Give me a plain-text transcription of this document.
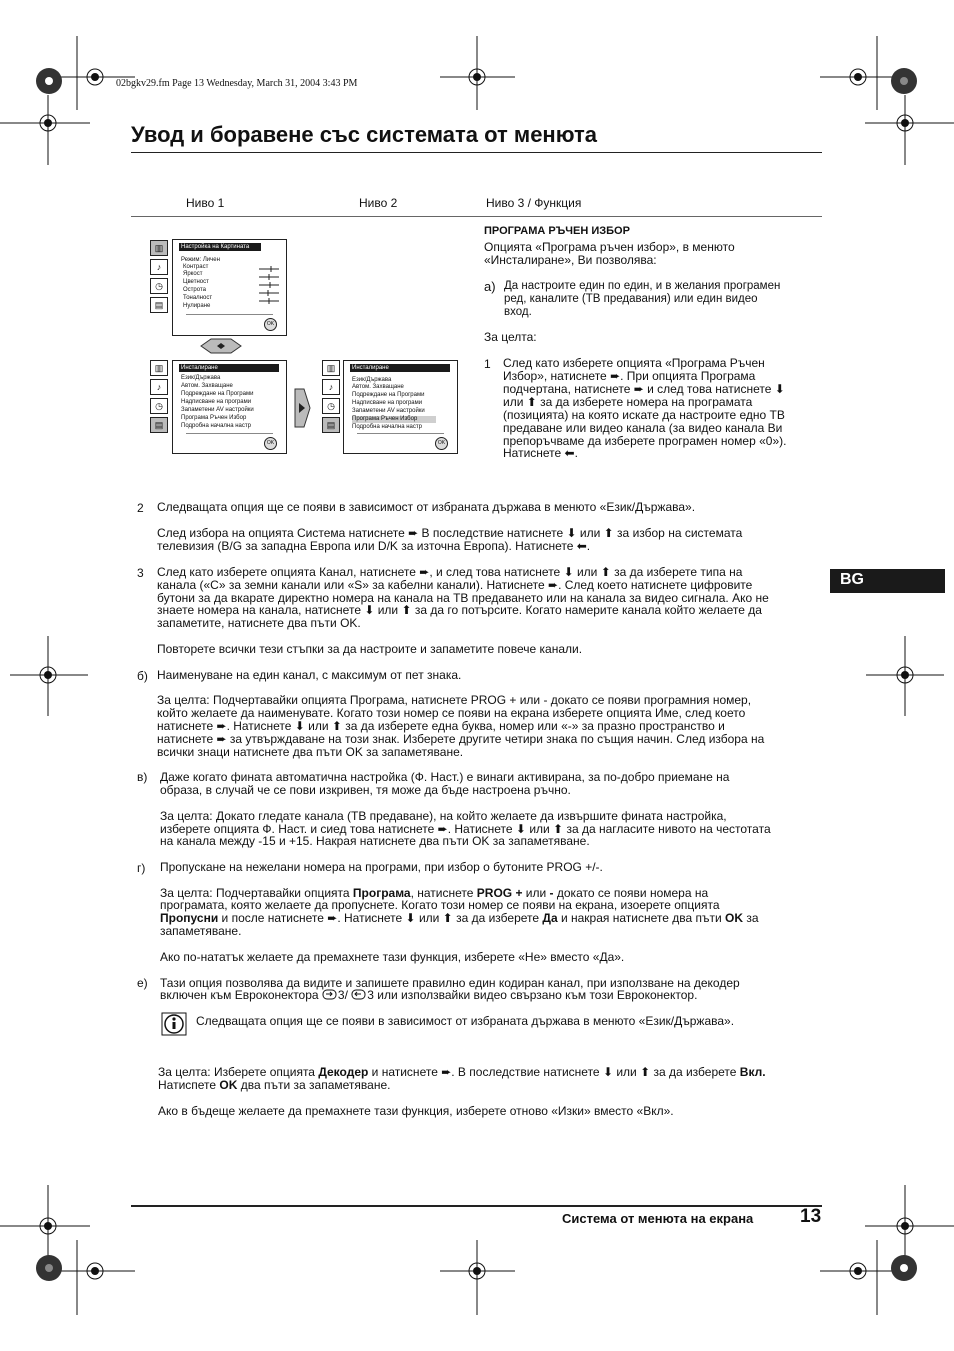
02bgkv29.fm Page 13 Wednesday, March 31, 2004 3:43 PM
Увод и боравене със системата от менюта
Ниво 1	Ниво 2	Ниво 3 / Функция
▥
♪
◷
▤
Настройка на Картината
Режим: Личен
Контраст
Яркост
Цветност
Острота
Тоналност
Нулиране
OK
▥
♪
◷
▤
Инсталиране
Език/Държава
Автом. Захващане
Подреждане на Програми
Надписване на програми
Запаметени AV настройки
Програма Ръчен Избор
Подробна начална настр
OK
▥
♪
◷
▤
Инсталиране
Език/Държава
Автом. Захващане
Подреждане на Програми
Надписване на програми
Запаметени AV настройки
Програма Ръчен Избор
Подробна начална настр
OK
ПРОГРАМА РЪЧЕН ИЗБОР
Опцията «Програма ръчен избор», в менюто
«Инсталиране», Ви позволява:
а) Да настроите един по един, и в желания програмен
ред, каналите (ТВ предавания) или един видео
вход.
За целта:
1 След като изберете опцията «Програма Ръчен
Избор», натиснете ➨. При опцията Програма
подчертана, натиснете ➨ и след това натиснете ⬇
или ⬆ за да изберете номера на програмата
(позицията) на която искате да настроите едно ТВ
предаване или видео канала (за видео канала Ви
препоръчваме да изберете програмен номер «0»).
Натиснете ⬅.
2 Следващата опция ще се появи в зависимост от избраната държава в менюто «Език/Държава».
След избора на опцията Система натиснете ➨ В последствие натиснете ⬇ или ⬆ за избор на системата
телевизия (B/G за западна Европа или D/K за източна Европа). Натиснете ⬅.
3 След като изберете опцията Канал, натиснете ➨, и след това натиснете ⬇ или ⬆ за да изберете типа на
канала («С» за земни канали или «S» за кабелни канали). Натиснете ➨. След което натиснете цифровите
бутони за да вкарате директно номера на канала на ТВ предаването или на канала за видео сигнала. Ако не
знаете номера на канала, натиснете ⬇ или ⬆ за да го потърсите. Когато намерите канала който желаете да
запаметите, натиснете два пъти OK.
Повторете всички тези стъпки за да настроите и запаметите повече канали.
б) Наименуване на един канал, с максимум от пет знака.
За целта: Подчертавайки опцията Програма, натиснете PROG + или - докато се появи програмния номер,
който желаете да наименувате. Когато този номер се появи на екрана изберете опцията Име, след което
натиснете ➨. Натиснете ⬇ или ⬆ за да изберете една буква, номер или «-» за празно пространство и
натиснете ➨ за утвърждаване на този знак. Изберете другите четири знака по същия начин. След избора на
всички знаци натиснете два пъти OK за запаметяване.
в) Даже когато фината автоматична настройка (Ф. Наст.) е винаги активирана, за по-добро приемане на
образа, в случай че се пови изкривен, тя може да бъде настроена ръчно.
За целта: Докато гледате канала (ТВ предаване), на който желаете да извършите фината настройка,
изберете опцията Ф. Наст. и сиед това натиснете ➨. Натиснете ⬇ или ⬆ за да нагласите нивото на честотата
на канала между -15 и +15. Накрая натиснете два пъти OK за запаметяване.
г) Пропускане на нежелани номера на програми, при избор о бутоните PROG +/-.
За целта: Подчертавайки опцията Програма, натиснете PROG + или - докато се появи номера на
програмата, която желаете да пропуснете. Когато този номер се появи на екрана, изоерете опцията
Пропусни и после натиснете ➨. Натиснете ⬇ или ⬆ за да изберете Да и накрая натиснете два пъти OK за
запаметяване.
Ако по-нататък желаете да премахнете тази функция, изберете «Не» вместо «Да».
е) Тази опция позволява да видите и запишете правилно един кодиран канал, при използване на декодер
включен към Евроконектора 3/ 3 или използвайки видео свързано към този Евроконектор.
Следващата опция ще се появи в зависимост от избраната държава в менюто «Език/Държава».
За целта: Изберете опцията Декодер и натиснете ➨. В последствие натиснете ⬇ или ⬆ за да изберете Вкл.
Натиспете OK два пъти за запаметяване.
Ако в бъдеще желаете да премахнете тази функция, изберете отново «Изки» вместо «Вкл».
BG
Система от менюта на екрана 13
